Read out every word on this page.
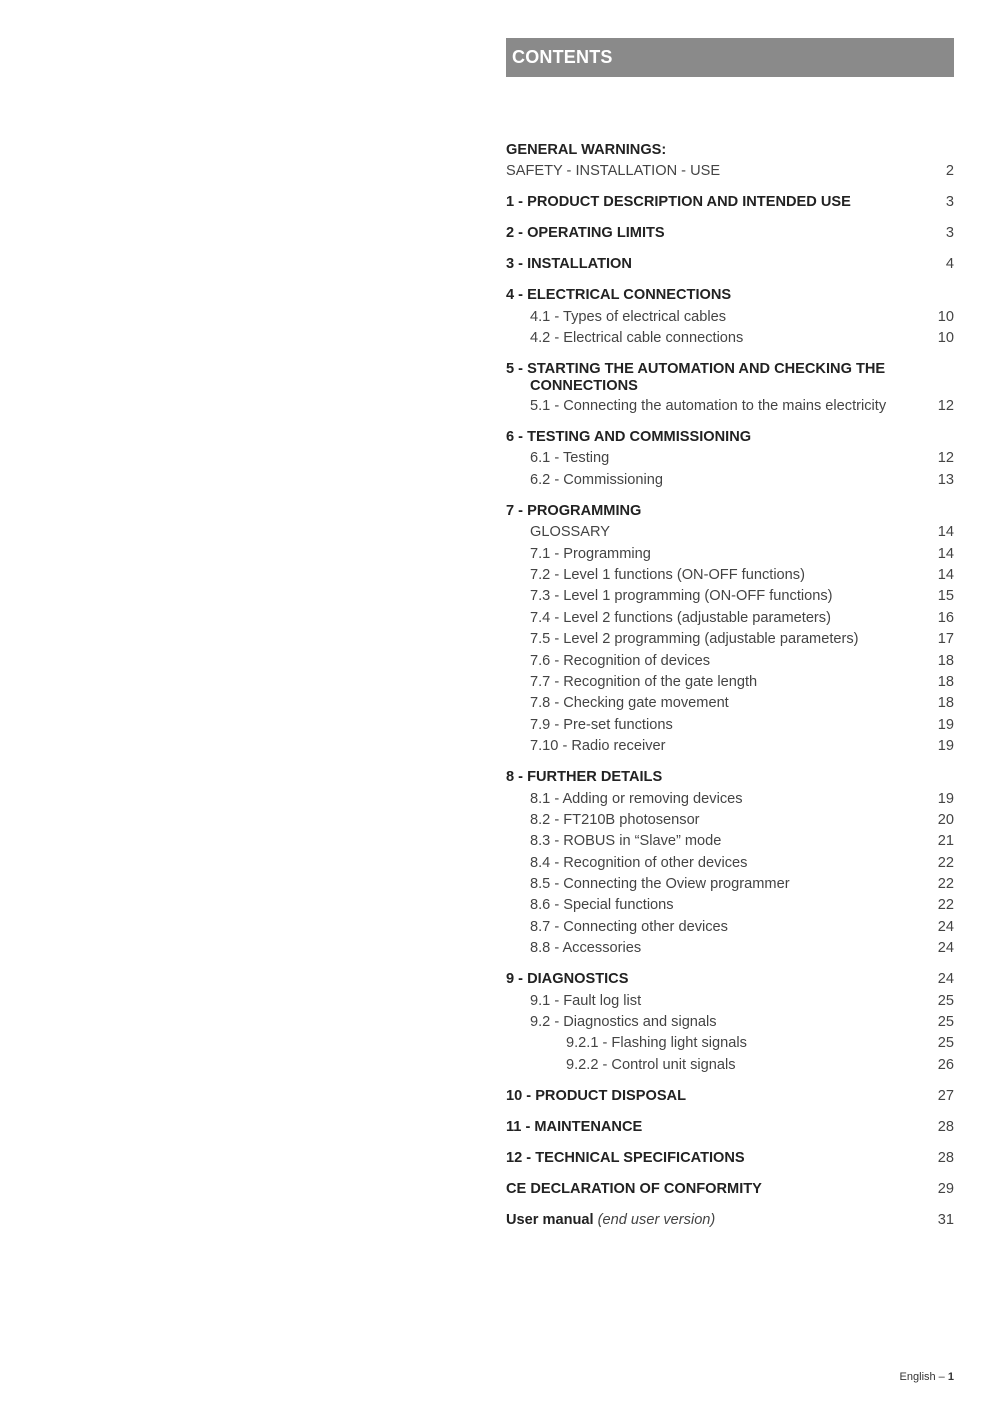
CONTENTS
GENERAL WARNINGS:
SAFETY - INSTALLATION - USE	2
1 - PRODUCT DESCRIPTION AND INTENDED USE	3
2 - OPERATING LIMITS	3
3 - INSTALLATION	4
4 - ELECTRICAL CONNECTIONS
4.1 - Types of electrical cables	10
4.2 - Electrical cable connections	10
5 - STARTING THE AUTOMATION AND CHECKING THE
CONNECTIONS
5.1 - Connecting the automation to the mains electricity	12
6 - TESTING AND COMMISSIONING
6.1 - Testing	12
6.2 - Commissioning	13
7 - PROGRAMMING
GLOSSARY	14
7.1 - Programming	14
7.2 - Level 1 functions (ON-OFF functions)	14
7.3 - Level 1 programming (ON-OFF functions)	15
7.4 - Level 2 functions (adjustable parameters)	16
7.5 - Level 2 programming (adjustable parameters)	17
7.6 - Recognition of devices	18
7.7 - Recognition of the gate length	18
7.8 - Checking gate movement	18
7.9 - Pre-set functions	19
7.10 - Radio receiver	19
8 - FURTHER DETAILS
8.1 - Adding or removing devices	19
8.2 - FT210B photosensor	20
8.3 - ROBUS in “Slave” mode	21
8.4 - Recognition of other devices	22
8.5 - Connecting the Oview programmer	22
8.6 - Special functions	22
8.7 - Connecting other devices	24
8.8 - Accessories	24
9 - DIAGNOSTICS	24
9.1 - Fault log list	25
9.2 - Diagnostics and signals	25
9.2.1 - Flashing light signals	25
9.2.2 - Control unit signals	26
10 - PRODUCT DISPOSAL	27
11 - MAINTENANCE	28
12 - TECHNICAL SPECIFICATIONS	28
CE DECLARATION OF CONFORMITY	29
User manual (end user version)	31
English – 1
